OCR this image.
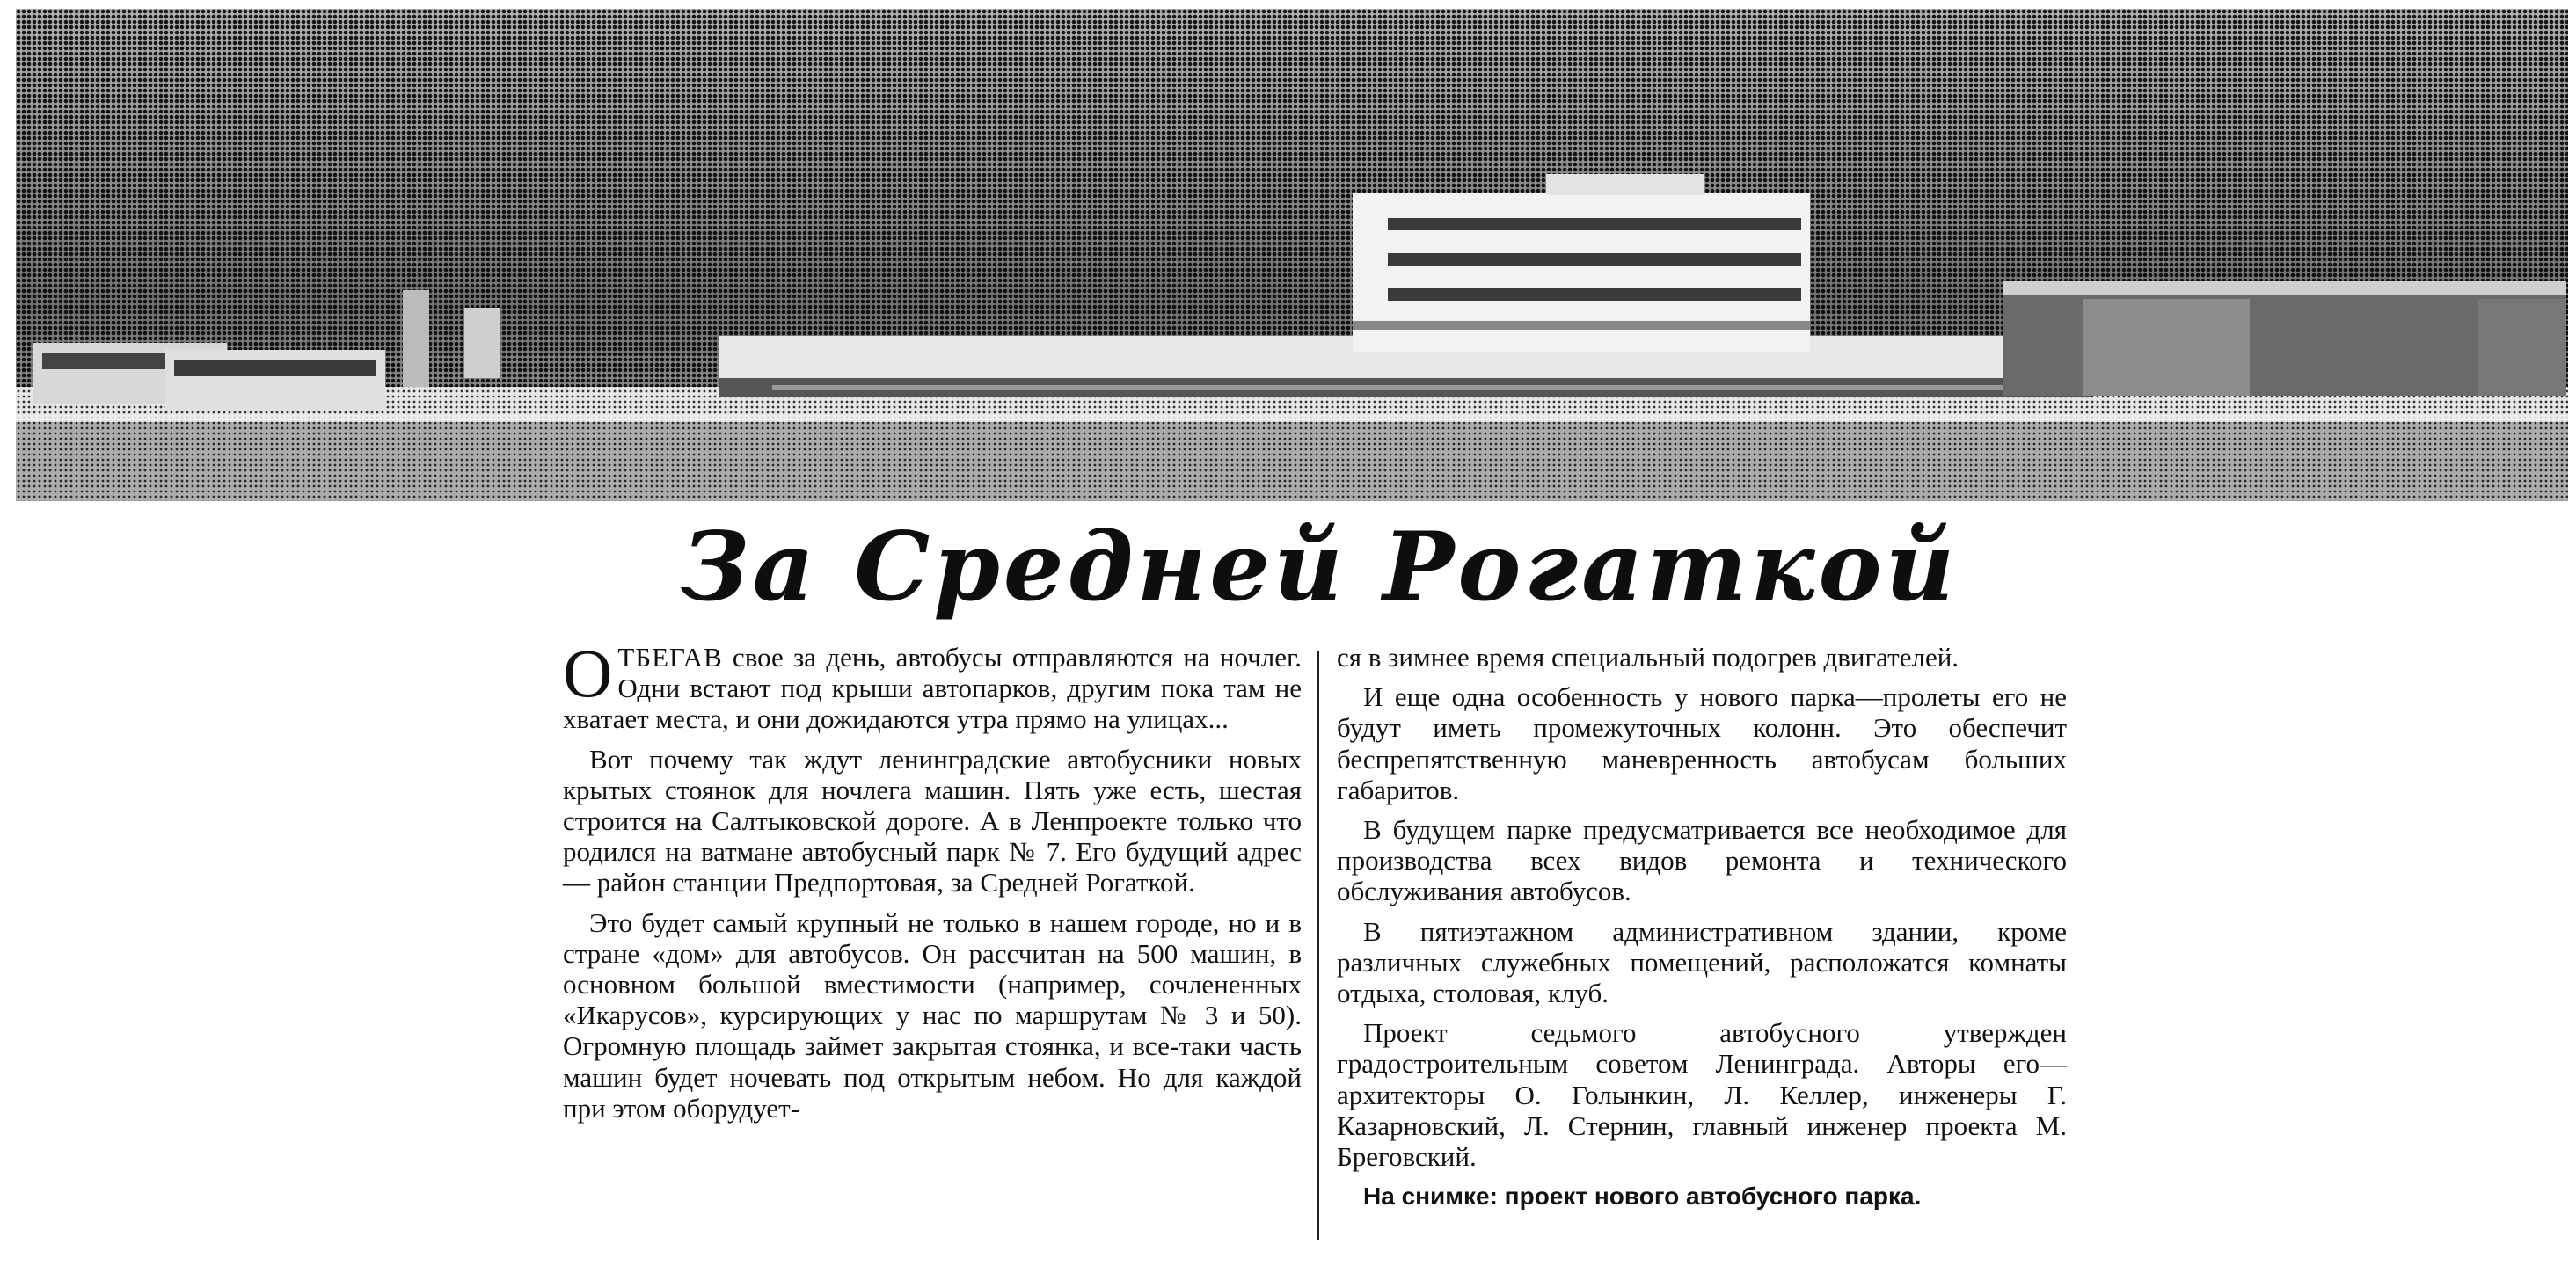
За Средней Рогаткой

ОТБЕГАВ свое за день, автобусы отправляются на ночлег. Одни встают под крыши автопарков, другим пока там не хватает места, и они дожидаются утра прямо на улицах...

Вот почему так ждут ленинградские автобусники новых крытых стоянок для ночлега машин. Пять уже есть, шестая строится на Салтыковской дороге. А в Ленпроекте только что родился на ватмане автобусный парк № 7. Его будущий адрес — район станции Предпортовая, за Средней Рогаткой.

Это будет самый крупный не только в нашем городе, но и в стране «дом» для автобусов. Он рассчитан на 500 машин, в основном большой вместимости (например, сочлененных «Икарусов», курсирующих у нас по маршрутам № 3 и 50). Огромную площадь займет закрытая стоянка, и все-таки часть машин будет ночевать под открытым небом. Но для каждой при этом оборудует-

ся в зимнее время специальный подогрев двигателей.

И еще одна особенность у нового парка—пролеты его не будут иметь промежуточных колонн. Это обеспечит беспрепятственную маневренность автобусам больших габаритов.

В будущем парке предусматривается все необходимое для производства всех видов ремонта и технического обслуживания автобусов.

В пятиэтажном административном здании, кроме различных служебных помещений, расположатся комнаты отдыха, столовая, клуб.

Проект седьмого автобусного утвержден градостроительным советом Ленинграда. Авторы его—архитекторы О. Голынкин, Л. Келлер, инженеры Г. Казарновский, Л. Стернин, главный инженер проекта М. Бреговский.

На снимке: проект нового автобусного парка.
